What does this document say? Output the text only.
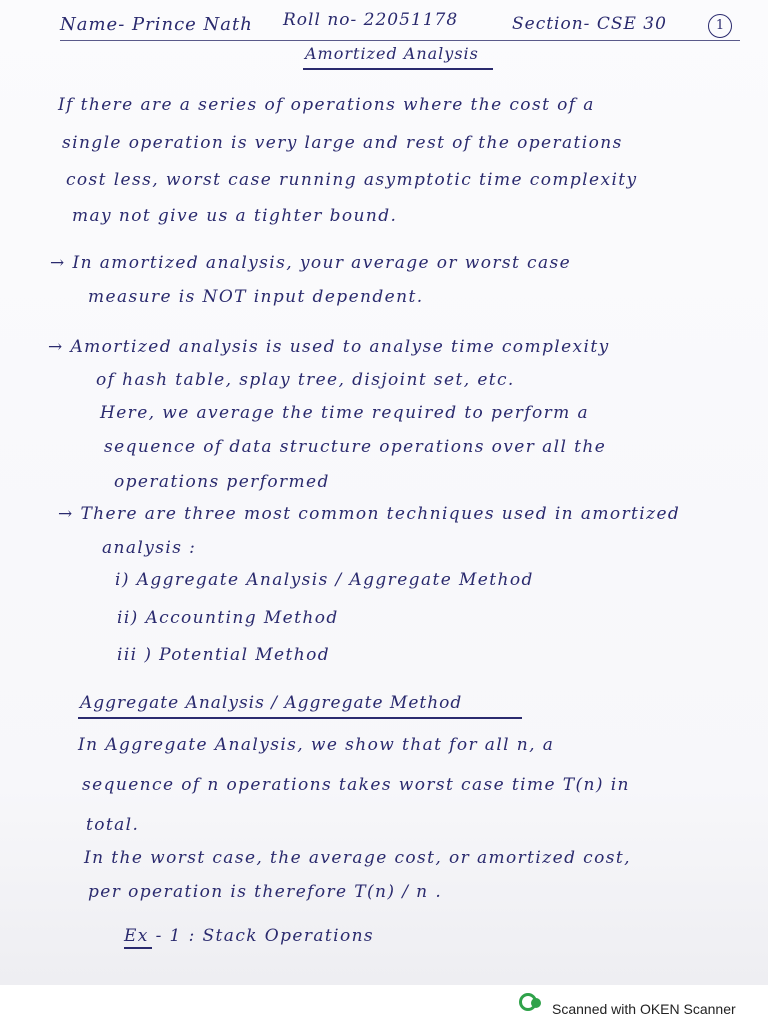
Name- Prince Nath Roll no- 22051178	Section- CSE 30	1
Amortized Analysis
If there are a series of operations where the cost of a
single operation is very large and rest of the operations
cost less, worst case running asymptotic time complexity
may not give us a tighter bound.
→ In amortized analysis, your average or worst case
measure is NOT input dependent.
→ Amortized analysis is used to analyse time complexity
of hash table, splay tree, disjoint set, etc.
Here, we average the time required to perform a
sequence of data structure operations over all the
operations performed
→ There are three most common techniques used in amortized
analysis :
i) Aggregate Analysis / Aggregate Method
ii) Accounting Method
iii ) Potential Method
Aggregate Analysis / Aggregate Method
In Aggregate Analysis, we show that for all n, a
sequence of n operations takes worst case time T(n) in
total.
In the worst case, the average cost, or amortized cost,
per operation is therefore T(n) / n .
Ex - 1 : Stack Operations
Scanned with OKEN Scanner
